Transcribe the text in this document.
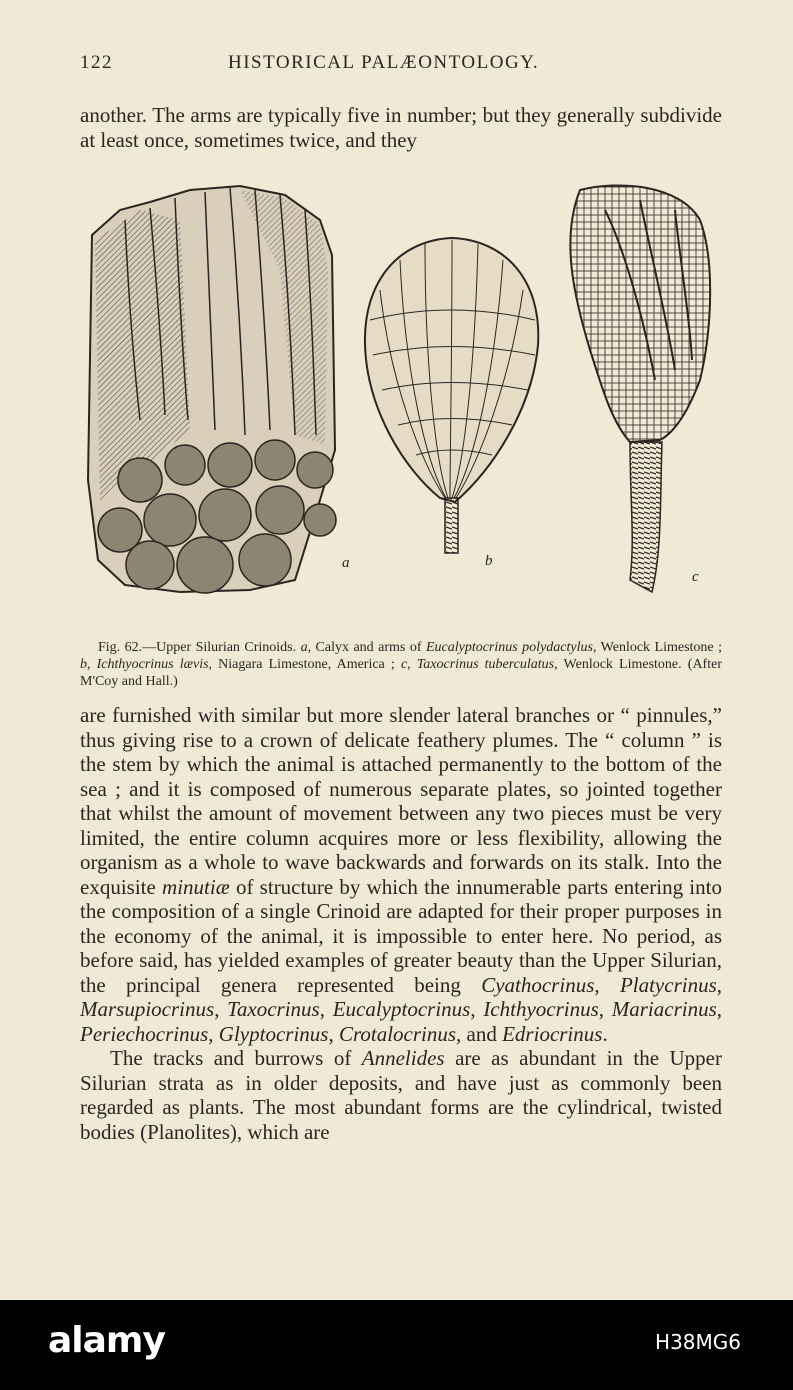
122	HISTORICAL PALÆONTOLOGY.

another. The arms are typically five in number; but they generally subdivide at least once, sometimes twice, and they

a	b
c

Fig. 62.—Upper Silurian Crinoids. a, Calyx and arms of Eucalyptocrinus polydactylus, Wenlock Limestone ; b, Ichthyocrinus lævis, Niagara Limestone, America ; c, Taxocrinus tuberculatus, Wenlock Limestone. (After M'Coy and Hall.)

are furnished with similar but more slender lateral branches or “ pinnules,” thus giving rise to a crown of delicate feathery plumes. The “ column ” is the stem by which the animal is attached permanently to the bottom of the sea ; and it is composed of numerous separate plates, so jointed together that whilst the amount of movement between any two pieces must be very limited, the entire column acquires more or less flexibility, allowing the organism as a whole to wave backwards and forwards on its stalk. Into the exquisite minutiæ of structure by which the innumerable parts entering into the composition of a single Crinoid are adapted for their proper purposes in the economy of the animal, it is impossible to enter here. No period, as before said, has yielded examples of greater beauty than the Upper Silurian, the principal genera represented being Cyathocrinus, Platycrinus, Marsupiocrinus, Taxocrinus, Eucalyptocrinus, Ichthyocrinus, Mariacrinus, Periechocrinus, Glyptocrinus, Crotalocrinus, and Edriocrinus.

The tracks and burrows of Annelides are as abundant in the Upper Silurian strata as in older deposits, and have just as commonly been regarded as plants. The most abundant forms are the cylindrical, twisted bodies (Planolites), which are

alamy	H38MG6
